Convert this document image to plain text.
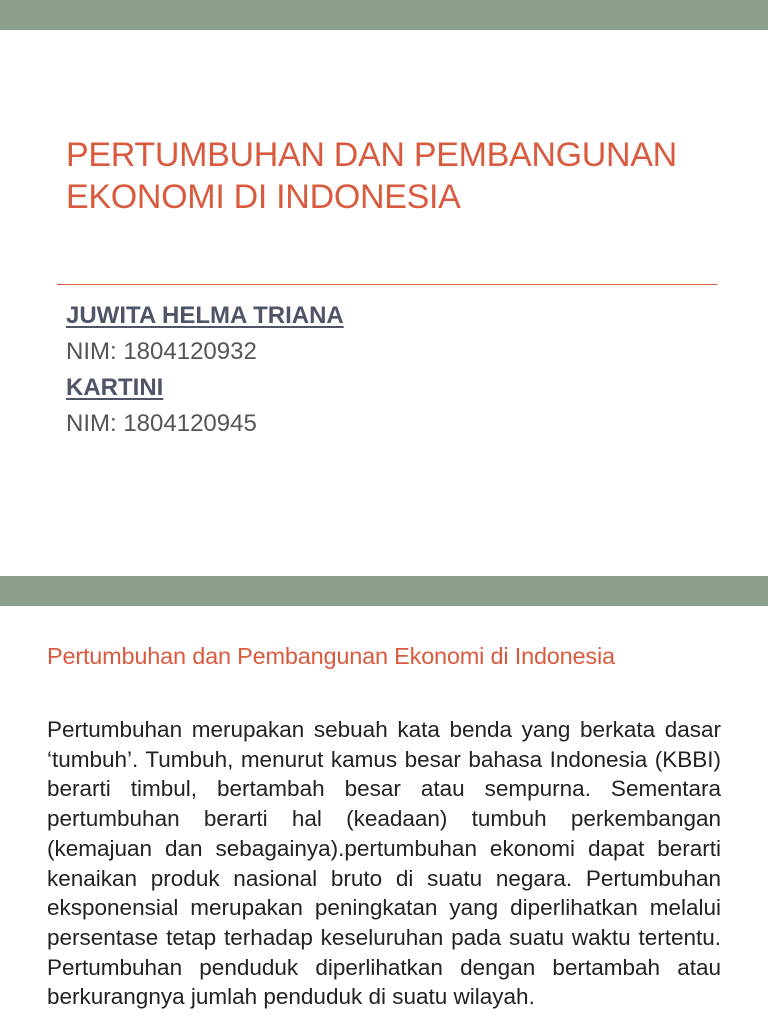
PERTUMBUHAN DAN PEMBANGUNAN
EKONOMI DI INDONESIA
JUWITA HELMA TRIANA
NIM: 1804120932
KARTINI
NIM: 1804120945
Pertumbuhan dan Pembangunan Ekonomi di Indonesia

Pertumbuhan merupakan sebuah kata benda yang berkata dasar ‘tumbuh’. Tumbuh, menurut kamus besar bahasa Indonesia (KBBI) berarti timbul, bertambah besar atau sempurna. Sementara pertumbuhan berarti hal (keadaan) tumbuh perkembangan (kemajuan dan sebagainya).pertumbuhan ekonomi dapat berarti kenaikan produk nasional bruto di suatu negara. Pertumbuhan eksponensial merupakan peningkatan yang diperlihatkan melalui persentase tetap terhadap keseluruhan pada suatu waktu tertentu. Pertumbuhan penduduk diperlihatkan dengan bertambah atau berkurangnya jumlah penduduk di suatu wilayah.
